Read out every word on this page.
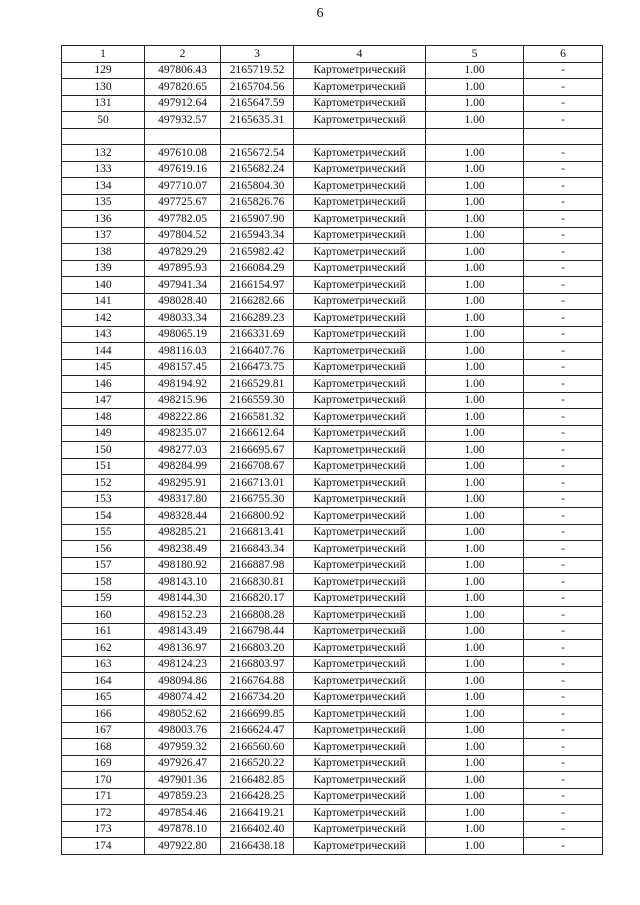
6
1	2	3	4	5	6
129	497806.43	2165719.52	Картометрический	1.00	-
130	497820.65	2165704.56	Картометрический	1.00	-
131	497912.64	2165647.59	Картометрический	1.00	-
50	497932.57	2165635.31	Картометрический	1.00	-

132	497610.08	2165672.54	Картометрический	1.00	-
133	497619.16	2165682.24	Картометрический	1.00	-
134	497710.07	2165804.30	Картометрический	1.00	-
135	497725.67	2165826.76	Картометрический	1.00	-
136	497782.05	2165907.90	Картометрический	1.00	-
137	497804.52	2165943.34	Картометрический	1.00	-
138	497829.29	2165982.42	Картометрический	1.00	-
139	497895.93	2166084.29	Картометрический	1.00	-
140	497941.34	2166154.97	Картометрический	1.00	-
141	498028.40	2166282.66	Картометрический	1.00	-
142	498033.34	2166289.23	Картометрический	1.00	-
143	498065.19	2166331.69	Картометрический	1.00	-
144	498116.03	2166407.76	Картометрический	1.00	-
145	498157.45	2166473.75	Картометрический	1.00	-
146	498194.92	2166529.81	Картометрический	1.00	-
147	498215.96	2166559.30	Картометрический	1.00	-
148	498222.86	2166581.32	Картометрический	1.00	-
149	498235.07	2166612.64	Картометрический	1.00	-
150	498277.03	2166695.67	Картометрический	1.00	-
151	498284.99	2166708.67	Картометрический	1.00	-
152	498295.91	2166713.01	Картометрический	1.00	-
153	498317.80	2166755.30	Картометрический	1.00	-
154	498328.44	2166800.92	Картометрический	1.00	-
155	498285.21	2166813.41	Картометрический	1.00	-
156	498238.49	2166843.34	Картометрический	1.00	-
157	498180.92	2166887.98	Картометрический	1.00	-
158	498143.10	2166830.81	Картометрический	1.00	-
159	498144.30	2166820.17	Картометрический	1.00	-
160	498152.23	2166808.28	Картометрический	1.00	-
161	498143.49	2166798.44	Картометрический	1.00	-
162	498136.97	2166803.20	Картометрический	1.00	-
163	498124.23	2166803.97	Картометрический	1.00	-
164	498094.86	2166764.88	Картометрический	1.00	-
165	498074.42	2166734.20	Картометрический	1.00	-
166	498052.62	2166699.85	Картометрический	1.00	-
167	498003.76	2166624.47	Картометрический	1.00	-
168	497959.32	2166560.60	Картометрический	1.00	-
169	497926.47	2166520.22	Картометрический	1.00	-
170	497901.36	2166482.85	Картометрический	1.00	-
171	497859.23	2166428.25	Картометрический	1.00	-
172	497854.46	2166419.21	Картометрический	1.00	-
173	497878.10	2166402.40	Картометрический	1.00	-
174	497922.80	2166438.18	Картометрический	1.00	-
